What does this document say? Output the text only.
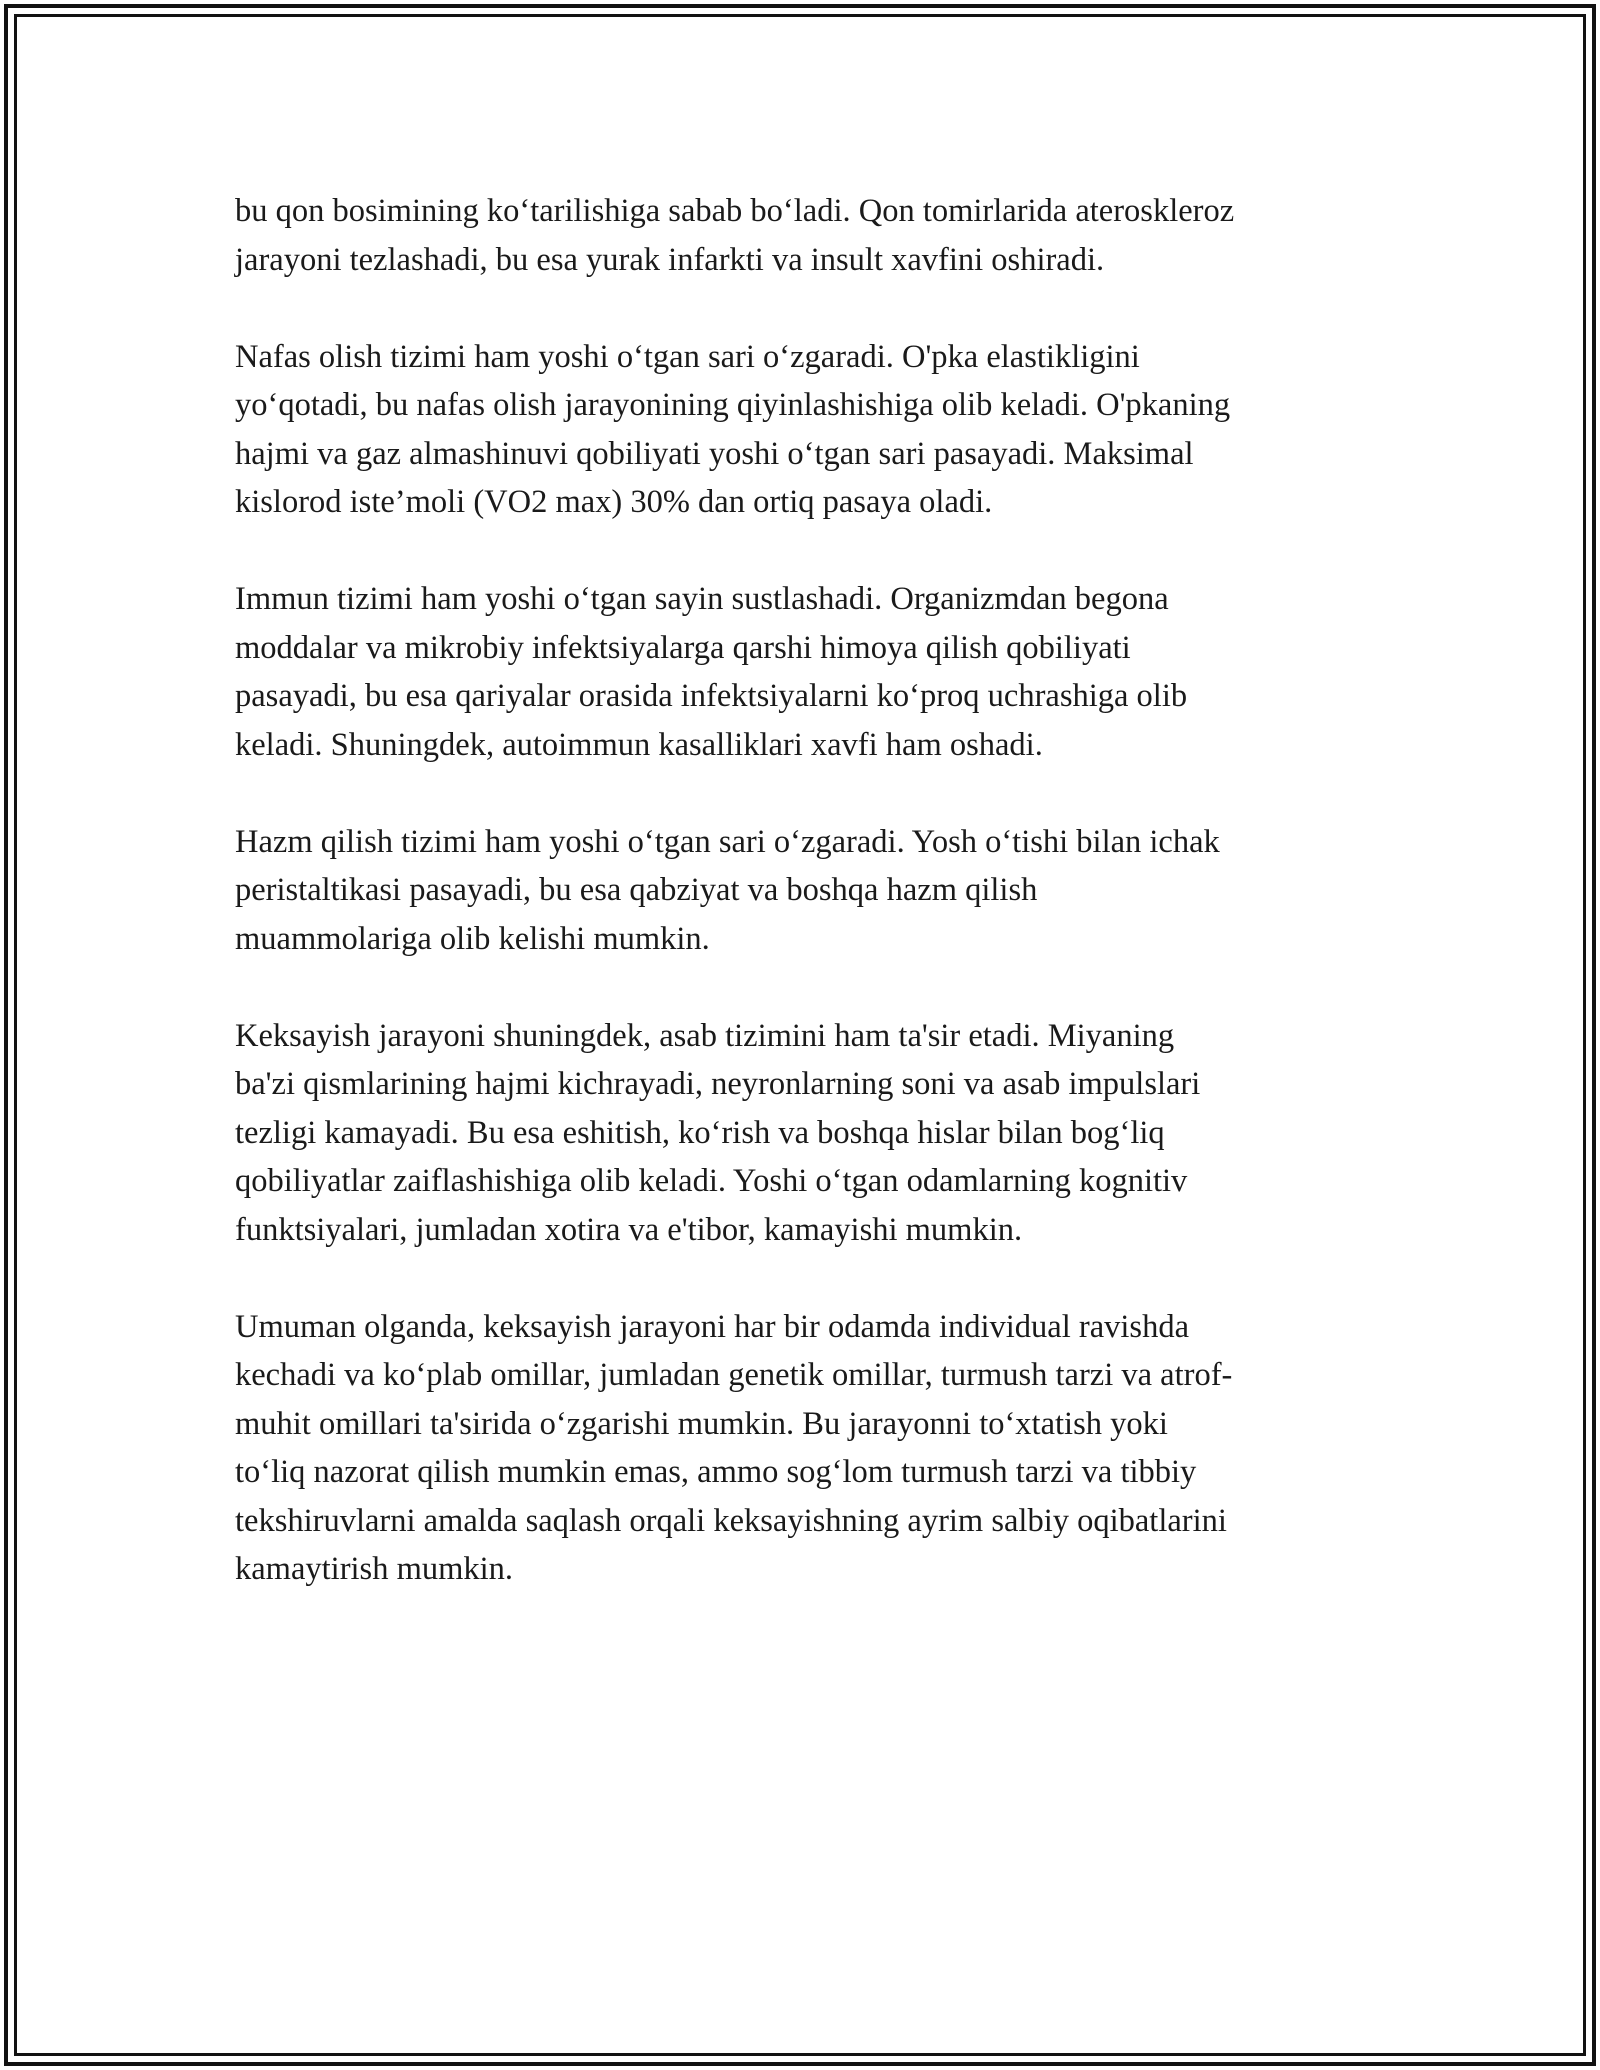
bu qon bosimining ko‘tarilishiga sabab bo‘ladi. Qon tomirlarida ateroskleroz
jarayoni tezlashadi, bu esa yurak infarkti va insult xavfini oshiradi.

Nafas olish tizimi ham yoshi o‘tgan sari o‘zgaradi. O'pka elastikligini
yo‘qotadi, bu nafas olish jarayonining qiyinlashishiga olib keladi. O'pkaning
hajmi va gaz almashinuvi qobiliyati yoshi o‘tgan sari pasayadi. Maksimal
kislorod iste’moli (VO2 max) 30% dan ortiq pasaya oladi.

Immun tizimi ham yoshi o‘tgan sayin sustlashadi. Organizmdan begona
moddalar va mikrobiy infektsiyalarga qarshi himoya qilish qobiliyati
pasayadi, bu esa qariyalar orasida infektsiyalarni ko‘proq uchrashiga olib
keladi. Shuningdek, autoimmun kasalliklari xavfi ham oshadi.

Hazm qilish tizimi ham yoshi o‘tgan sari o‘zgaradi. Yosh o‘tishi bilan ichak
peristaltikasi pasayadi, bu esa qabziyat va boshqa hazm qilish
muammolariga olib kelishi mumkin.

Keksayish jarayoni shuningdek, asab tizimini ham ta'sir etadi. Miyaning
ba'zi qismlarining hajmi kichrayadi, neyronlarning soni va asab impulslari
tezligi kamayadi. Bu esa eshitish, ko‘rish va boshqa hislar bilan bog‘liq
qobiliyatlar zaiflashishiga olib keladi. Yoshi o‘tgan odamlarning kognitiv
funktsiyalari, jumladan xotira va e'tibor, kamayishi mumkin.

Umuman olganda, keksayish jarayoni har bir odamda individual ravishda
kechadi va ko‘plab omillar, jumladan genetik omillar, turmush tarzi va atrof-
muhit omillari ta'sirida o‘zgarishi mumkin. Bu jarayonni to‘xtatish yoki
to‘liq nazorat qilish mumkin emas, ammo sog‘lom turmush tarzi va tibbiy
tekshiruvlarni amalda saqlash orqali keksayishning ayrim salbiy oqibatlarini
kamaytirish mumkin.
